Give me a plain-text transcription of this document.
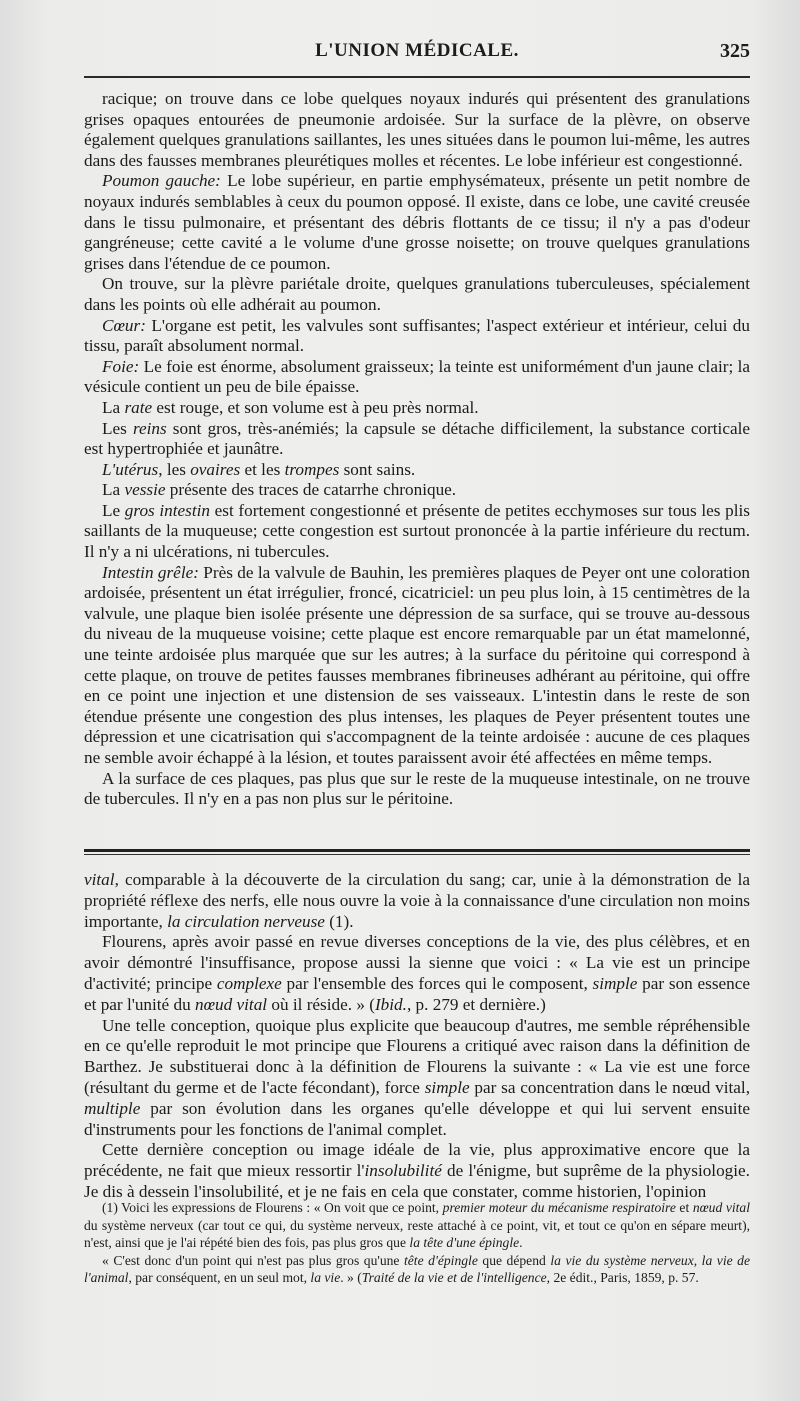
L'UNION MÉDICALE.	325

racique; on trouve dans ce lobe quelques noyaux indurés qui présentent des granulations grises opaques entourées de pneumonie ardoisée. Sur la surface de la plèvre, on observe également quelques granulations saillantes, les unes situées dans le poumon lui-même, les autres dans des fausses membranes pleurétiques molles et récentes. Le lobe inférieur est congestionné.

Poumon gauche: Le lobe supérieur, en partie emphysémateux, présente un petit nombre de noyaux indurés semblables à ceux du poumon opposé. Il existe, dans ce lobe, une cavité creusée dans le tissu pulmonaire, et présentant des débris flottants de ce tissu; il n'y a pas d'odeur gangréneuse; cette cavité a le volume d'une grosse noisette; on trouve quelques granulations grises dans l'étendue de ce poumon.

On trouve, sur la plèvre pariétale droite, quelques granulations tuberculeuses, spécialement dans les points où elle adhérait au poumon.

Cœur: L'organe est petit, les valvules sont suffisantes; l'aspect extérieur et intérieur, celui du tissu, paraît absolument normal.

Foie: Le foie est énorme, absolument graisseux; la teinte est uniformément d'un jaune clair; la vésicule contient un peu de bile épaisse.

La rate est rouge, et son volume est à peu près normal.

Les reins sont gros, très-anémiés; la capsule se détache difficilement, la substance corticale est hypertrophiée et jaunâtre.

L'utérus, les ovaires et les trompes sont sains.

La vessie présente des traces de catarrhe chronique.

Le gros intestin est fortement congestionné et présente de petites ecchymoses sur tous les plis saillants de la muqueuse; cette congestion est surtout prononcée à la partie inférieure du rectum. Il n'y a ni ulcérations, ni tubercules.

Intestin grêle: Près de la valvule de Bauhin, les premières plaques de Peyer ont une coloration ardoisée, présentent un état irrégulier, froncé, cicatriciel: un peu plus loin, à 15 centimètres de la valvule, une plaque bien isolée présente une dépression de sa surface, qui se trouve au-dessous du niveau de la muqueuse voisine; cette plaque est encore remarquable par un état mamelonné, une teinte ardoisée plus marquée que sur les autres; à la surface du péritoine qui correspond à cette plaque, on trouve de petites fausses membranes fibrineuses adhérant au péritoine, qui offre en ce point une injection et une distension de ses vaisseaux. L'intestin dans le reste de son étendue présente une congestion des plus intenses, les plaques de Peyer présentent toutes une dépression et une cicatrisation qui s'accompagnent de la teinte ardoisée : aucune de ces plaques ne semble avoir échappé à la lésion, et toutes paraissent avoir été affectées en même temps.

A la surface de ces plaques, pas plus que sur le reste de la muqueuse intestinale, on ne trouve de tubercules. Il n'y en a pas non plus sur le péritoine.

vital, comparable à la découverte de la circulation du sang; car, unie à la démonstration de la propriété réflexe des nerfs, elle nous ouvre la voie à la connaissance d'une circulation non moins importante, la circulation nerveuse (1).

Flourens, après avoir passé en revue diverses conceptions de la vie, des plus célèbres, et en avoir démontré l'insuffisance, propose aussi la sienne que voici : « La vie est un principe d'activité; principe complexe par l'ensemble des forces qui le composent, simple par son essence et par l'unité du nœud vital où il réside. » (Ibid., p. 279 et dernière.)

Une telle conception, quoique plus explicite que beaucoup d'autres, me semble répréhensible en ce qu'elle reproduit le mot principe que Flourens a critiqué avec raison dans la définition de Barthez. Je substituerai donc à la définition de Flourens la suivante : « La vie est une force (résultant du germe et de l'acte fécondant), force simple par sa concentration dans le nœud vital, multiple par son évolution dans les organes qu'elle développe et qui lui servent ensuite d'instruments pour les fonctions de l'animal complet.

Cette dernière conception ou image idéale de la vie, plus approximative encore que la précédente, ne fait que mieux ressortir l'insolubilité de l'énigme, but suprême de la physiologie. Je dis à dessein l'insolubilité, et je ne fais en cela que constater, comme historien, l'opinion

(1) Voici les expressions de Flourens : « On voit que ce point, premier moteur du mécanisme respiratoire et nœud vital du système nerveux (car tout ce qui, du système nerveux, reste attaché à ce point, vit, et tout ce qu'on en sépare meurt), n'est, ainsi que je l'ai répété bien des fois, pas plus gros que la tête d'une épingle.

« C'est donc d'un point qui n'est pas plus gros qu'une tête d'épingle que dépend la vie du système nerveux, la vie de l'animal, par conséquent, en un seul mot, la vie. » (Traité de la vie et de l'intelligence, 2e édit., Paris, 1859, p. 57.
